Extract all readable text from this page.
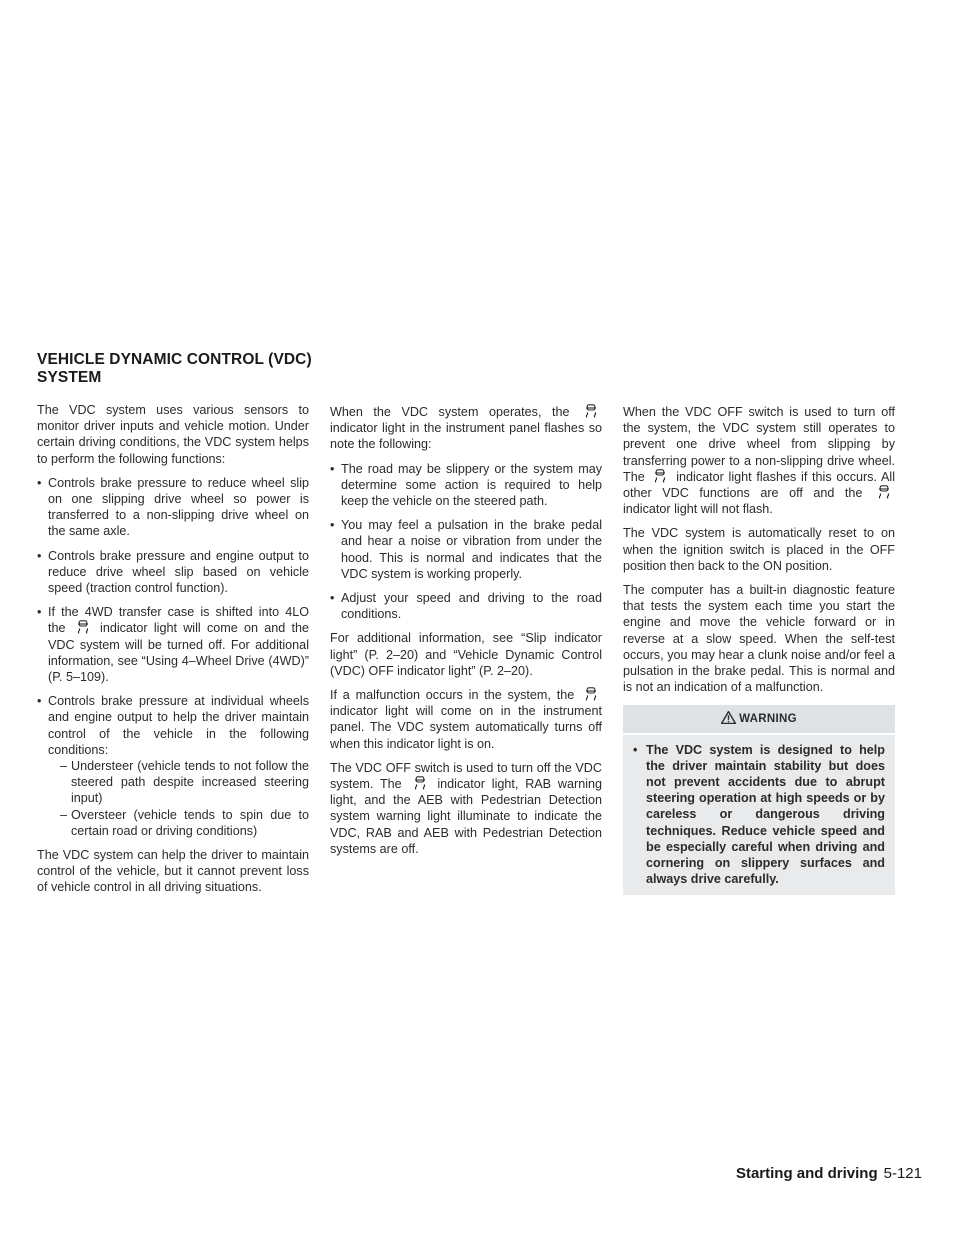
VEHICLE DYNAMIC CONTROL (VDC)
SYSTEM

The VDC system uses various sensors to monitor driver inputs and vehicle motion. Under certain driving conditions, the VDC system helps to perform the following functions:

• Controls brake pressure to reduce wheel slip on one slipping drive wheel so power is transferred to a non-slipping drive wheel on the same axle.
• Controls brake pressure and engine output to reduce drive wheel slip based on vehicle speed (traction control function).
• If the 4WD transfer case is shifted into 4LO the	indicator light will come on and the VDC system will be turned off. For additional information, see “Using 4–Wheel Drive (4WD)” (P. 5–109).
• Controls brake pressure at individual wheels and engine output to help the driver maintain control of the vehicle in the following conditions:
– Understeer (vehicle tends to not follow the steered path despite increased steering input)
– Oversteer (vehicle tends to spin due to certain road or driving conditions)

The VDC system can help the driver to maintain control of the vehicle, but it cannot prevent loss of vehicle control in all driving situations.

When the VDC system operates, the  indicator light in the instrument panel flashes so note the following:

• The road may be slippery or the system may determine some action is required to help keep the vehicle on the steered path.
• You may feel a pulsation in the brake pedal and hear a noise or vibration from under the hood. This is normal and indicates that the VDC system is working properly.
• Adjust your speed and driving to the road conditions.

For additional information, see “Slip indicator light” (P. 2–20) and “Vehicle Dynamic Control (VDC) OFF indicator light” (P. 2–20).

If a malfunction occurs in the system, the  indicator light will come on in the instrument panel. The VDC system automatically turns off when this indicator light is on.

The VDC OFF switch is used to turn off the VDC system. The	indicator light, RAB warning light, and the AEB with Pedestrian Detection system warning light illuminate to indicate the VDC, RAB and AEB with Pedestrian Detection systems are off.

When the VDC OFF switch is used to turn off the system, the VDC system still operates to prevent one drive wheel from slipping by transferring power to a non-slipping drive wheel. The	indicator light flashes if this occurs. All other VDC functions are off and the  indicator light will not flash.

The VDC system is automatically reset to on when the ignition switch is placed in the OFF position then back to the ON position.

The computer has a built-in diagnostic feature that tests the system each time you start the engine and move the vehicle forward or in reverse at a slow speed. When the self-test occurs, you may hear a clunk noise and/or feel a pulsation in the brake pedal. This is normal and is not an indication of a malfunction.

WARNING
• The VDC system is designed to help the driver maintain stability but does not prevent accidents due to abrupt steering operation at high speeds or by careless or dangerous driving techniques. Reduce vehicle speed and be especially careful when driving and cornering on slippery surfaces and always drive carefully.
Starting and driving 5-121
